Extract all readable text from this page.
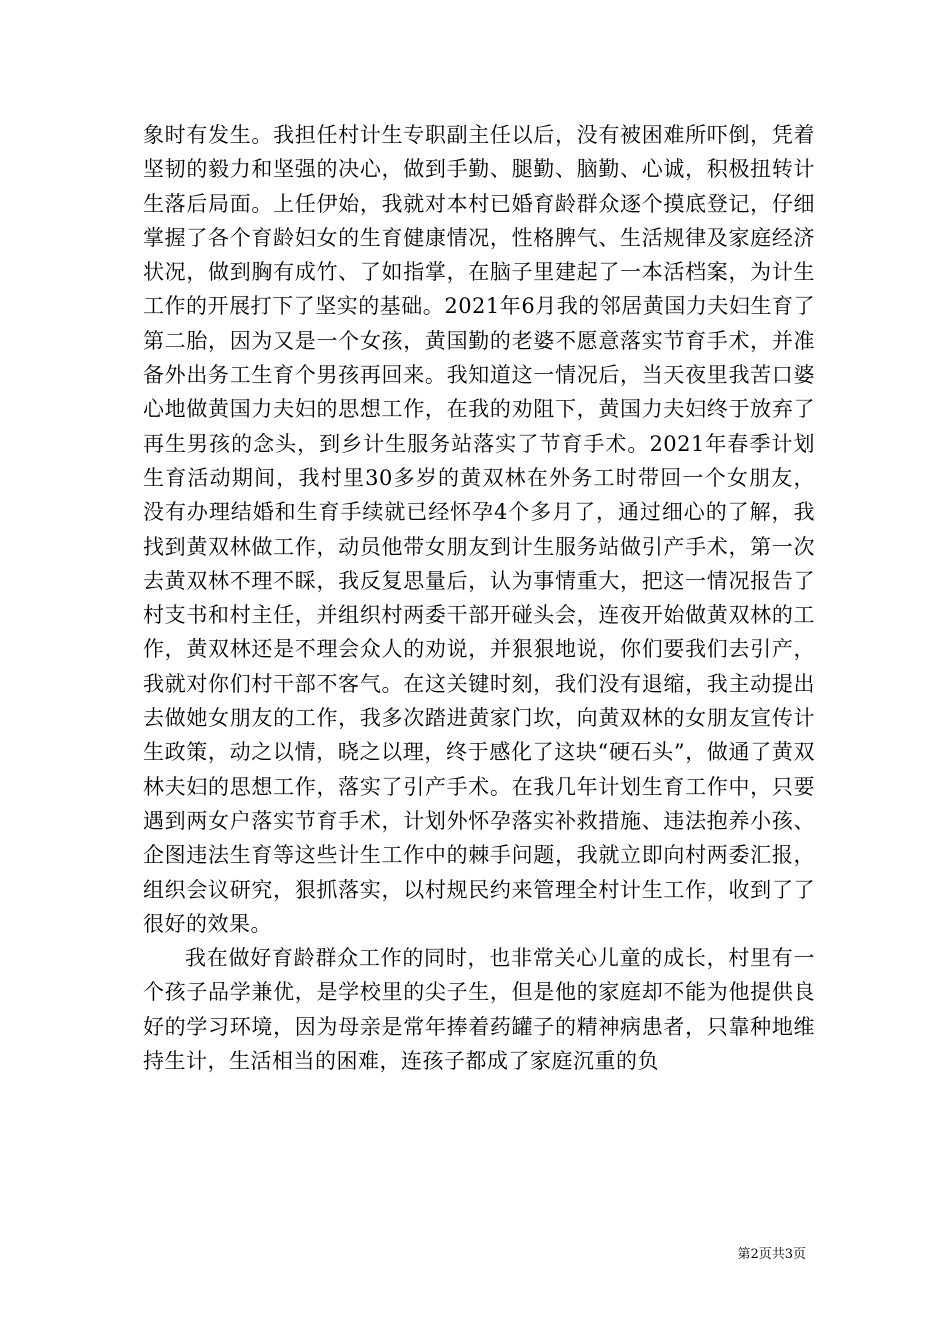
象时有发生。我担任村计生专职副主任以后，没有被困难所吓倒，凭着坚韧的毅力和坚强的决心，做到手勤、腿勤、脑勤、心诚，积极扭转计生落后局面。上任伊始，我就对本村已婚育龄群众逐个摸底登记，仔细掌握了各个育龄妇女的生育健康情况，性格脾气、生活规律及家庭经济状况，做到胸有成竹、了如指掌，在脑子里建起了一本活档案，为计生工作的开展打下了坚实的基础。2021年6月我的邻居黄国力夫妇生育了第二胎，因为又是一个女孩，黄国勤的老婆不愿意落实节育手术，并准备外出务工生育个男孩再回来。我知道这一情况后，当天夜里我苦口婆心地做黄国力夫妇的思想工作，在我的劝阻下，黄国力夫妇终于放弃了再生男孩的念头，到乡计生服务站落实了节育手术。2021年春季计划生育活动期间，我村里30多岁的黄双林在外务工时带回一个女朋友，没有办理结婚和生育手续就已经怀孕4个多月了，通过细心的了解，我找到黄双林做工作，动员他带女朋友到计生服务站做引产手术，第一次去黄双林不理不睬，我反复思量后，认为事情重大，把这一情况报告了村支书和村主任，并组织村两委干部开碰头会，连夜开始做黄双林的工作，黄双林还是不理会众人的劝说，并狠狠地说，你们要我们去引产，我就对你们村干部不客气。在这关键时刻，我们没有退缩，我主动提出去做她女朋友的工作，我多次踏进黄家门坎，向黄双林的女朋友宣传计生政策，动之以情，晓之以理，终于感化了这块“硬石头”，做通了黄双林夫妇的思想工作，落实了引产手术。在我几年计划生育工作中，只要遇到两女户落实节育手术，计划外怀孕落实补救措施、违法抱养小孩、企图违法生育等这些计生工作中的棘手问题，我就立即向村两委汇报，组织会议研究，狠抓落实，以村规民约来管理全村计生工作，收到了了很好的效果。

我在做好育龄群众工作的同时，也非常关心儿童的成长，村里有一个孩子品学兼优，是学校里的尖子生，但是他的家庭却不能为他提供良好的学习环境，因为母亲是常年捧着药罐子的精神病患者，只靠种地维持生计，生活相当的困难，连孩子都成了家庭沉重的负

第2页共3页
